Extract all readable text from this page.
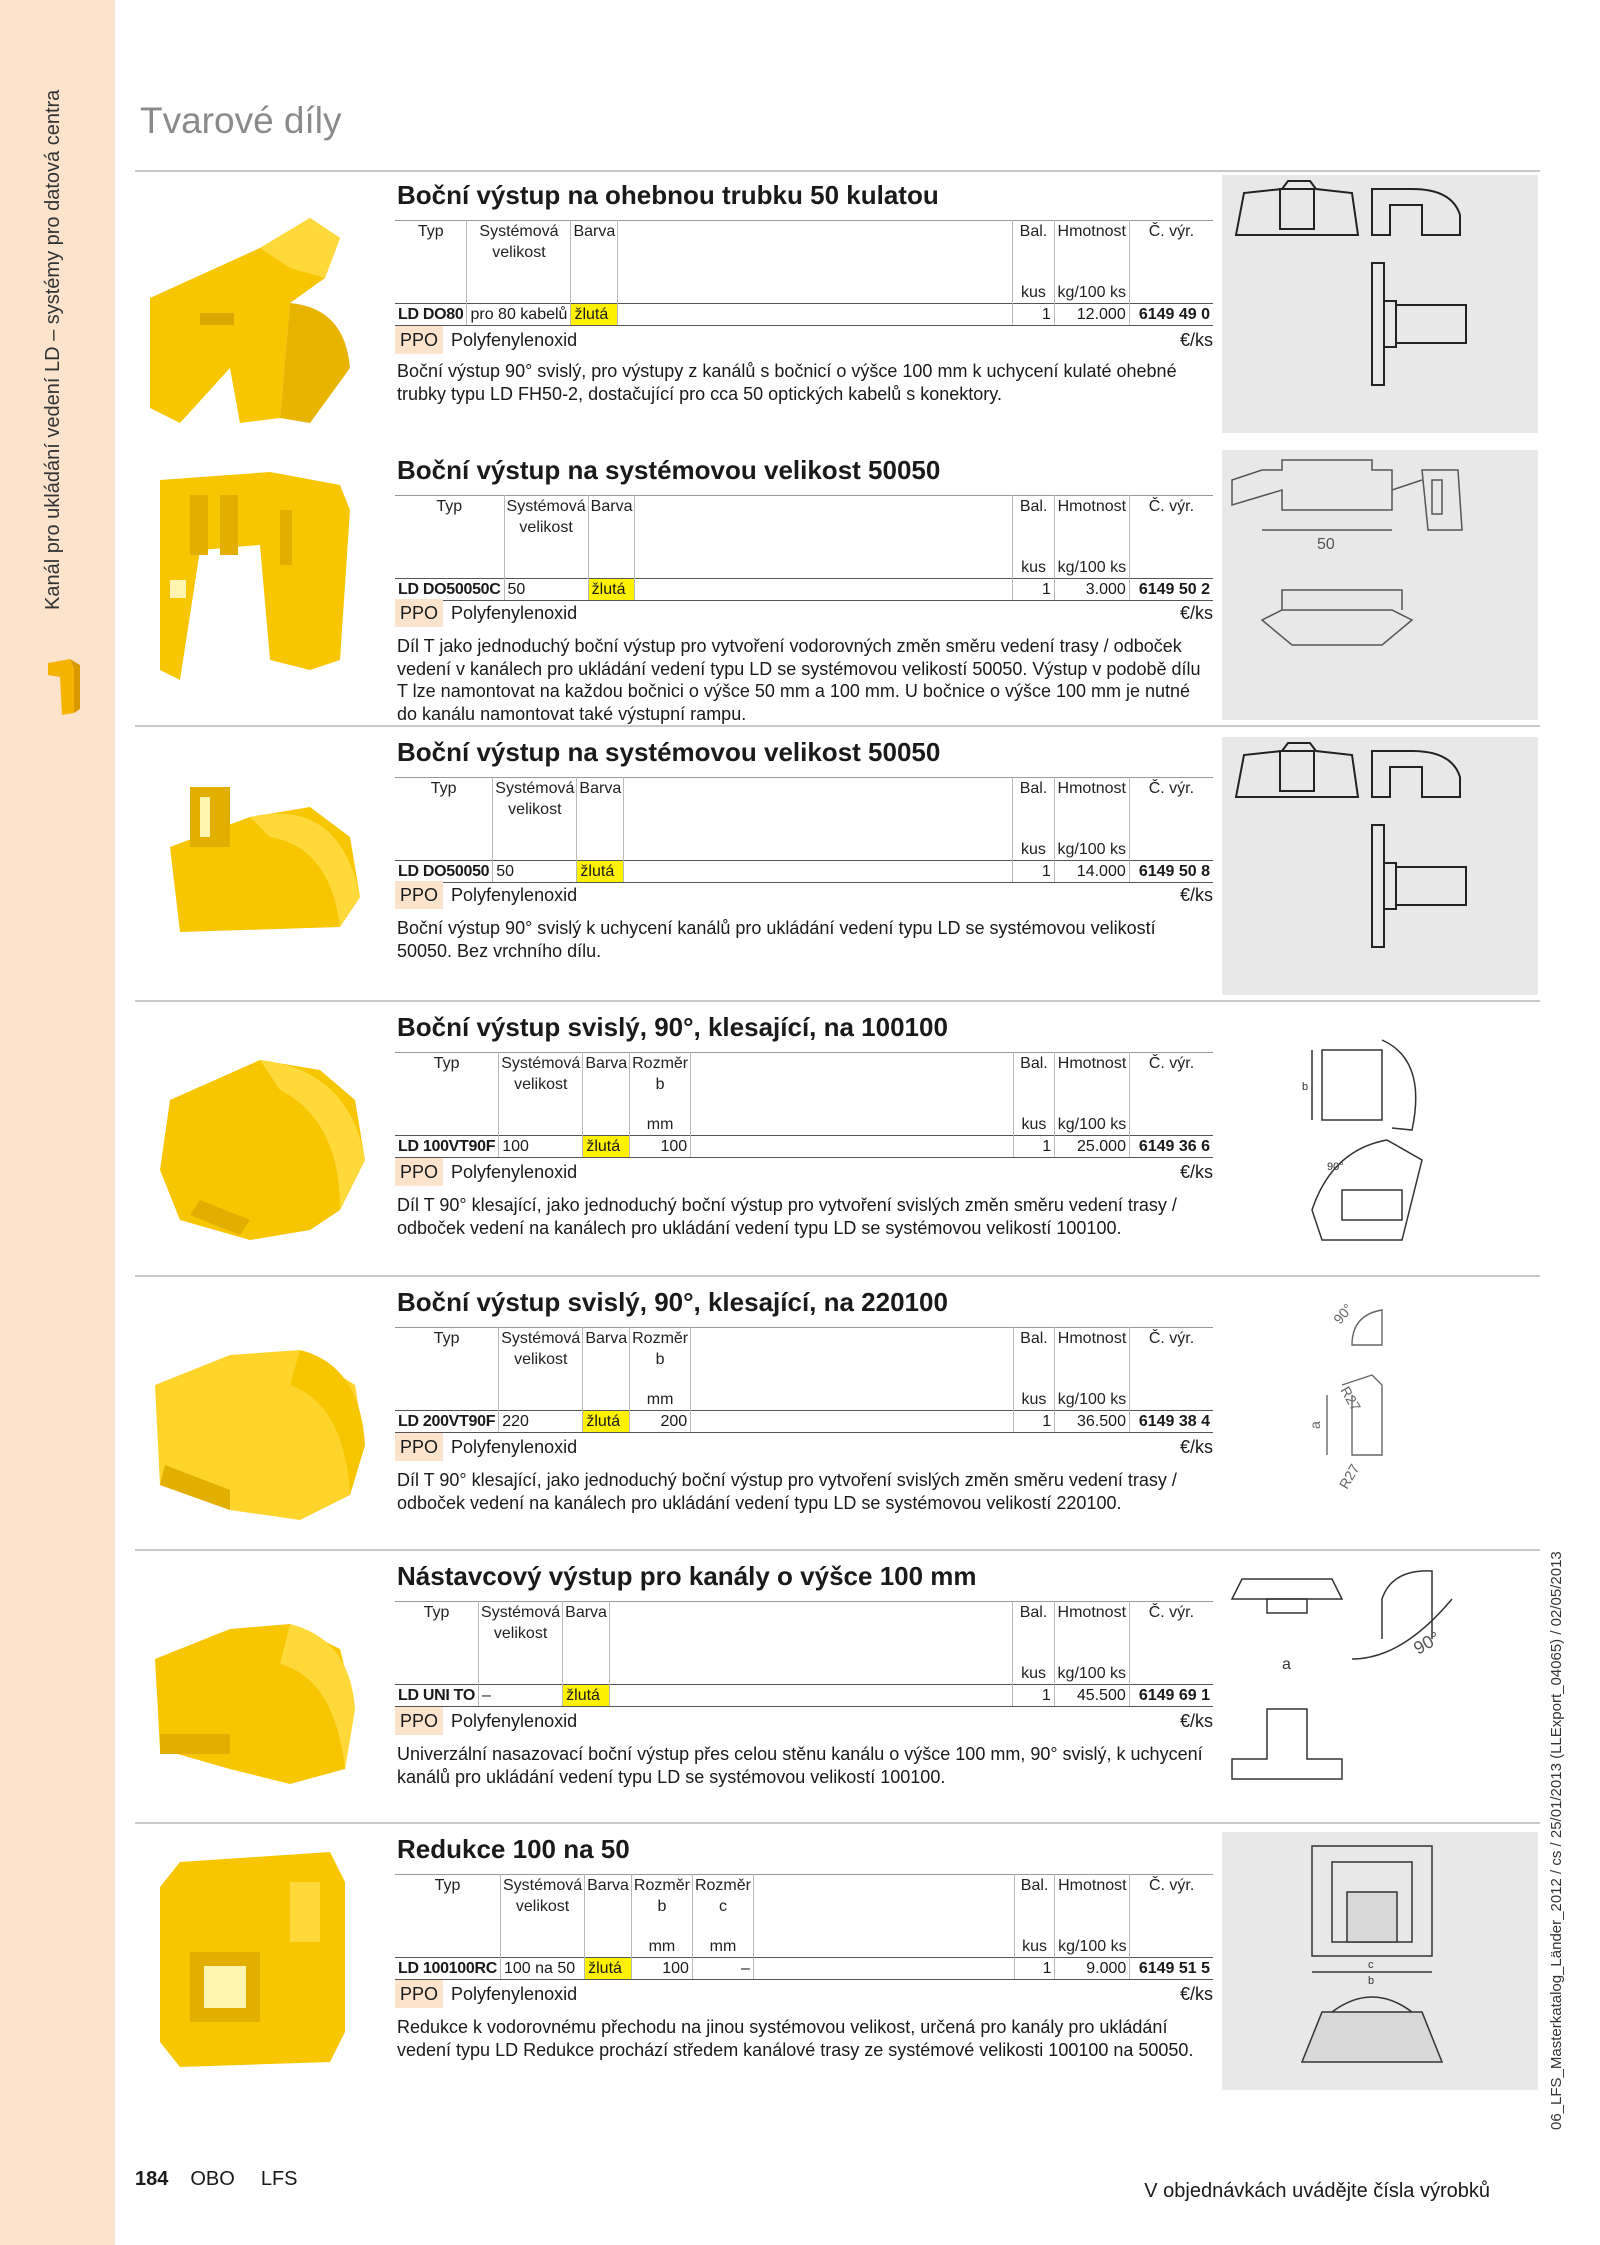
Kanál pro ukládání vedení LD – systémy pro datová centra	Tvarové díly
Boční výstup na ohebnou trubku 50 kulatou
Typ	Systémová velikost	Barva		Bal.	Hmotnost	Č. výr.
				kus	kg/100 ks	
LD DO80	pro 80 kabelů	žlutá		1	12.000	6149 49 0
PPO Polyfenylenoxid	€/ks
Boční výstup 90° svislý, pro výstupy z kanálů s bočnicí o výšce 100 mm k uchycení kulaté ohebné trubky typu LD FH50-2, dostačující pro cca 50 optických kabelů s konektory.
Boční výstup na systémovou velikost 50050
Typ	Systémová velikost	Barva		Bal.	Hmotnost	Č. výr.
				kus	kg/100 ks	
LD DO50050C	50	žlutá		1	3.000	6149 50 2
PPO Polyfenylenoxid	€/ks
Díl T jako jednoduchý boční výstup pro vytvoření vodorovných změn směru vedení trasy / odboček vedení v kanálech pro ukládání vedení typu LD se systémovou velikostí 50050. Výstup v podobě dílu T lze namontovat na každou bočnici o výšce 50 mm a 100 mm. U bočnice o výšce 100 mm je nutné do kanálu namontovat také výstupní rampu.
50
Boční výstup na systémovou velikost 50050
Typ	Systémová velikost	Barva		Bal.	Hmotnost	Č. výr.
				kus	kg/100 ks	
LD DO50050	50	žlutá		1	14.000	6149 50 8
PPO Polyfenylenoxid	€/ks
Boční výstup 90° svislý k uchycení kanálů pro ukládání vedení typu LD se systémovou velikostí 50050. Bez vrchního dílu.
Boční výstup svislý, 90°, klesající, na 100100
Typ	Systémová velikost	Barva	Rozměr b		Bal.	Hmotnost	Č. výr.
			mm		kus	kg/100 ks	
LD 100VT90F	100	žlutá	100		1	25.000	6149 36 6
PPO Polyfenylenoxid	€/ks
Díl T 90° klesající, jako jednoduchý boční výstup pro vytvoření svislých změn směru vedení trasy / odboček vedení na kanálech pro ukládání vedení typu LD se systémovou velikostí 100100.
b
90°
Boční výstup svislý, 90°, klesající, na 220100
Typ	Systémová velikost	Barva	Rozměr b		Bal.	Hmotnost	Č. výr.
			mm		kus	kg/100 ks	
LD 200VT90F	220	žlutá	200		1	36.500	6149 38 4
PPO Polyfenylenoxid	€/ks
Díl T 90° klesající, jako jednoduchý boční výstup pro vytvoření svislých změn směru vedení trasy / odboček vedení na kanálech pro ukládání vedení typu LD se systémovou velikostí 220100.
90°
R27
a
R27
Nástavcový výstup pro kanály o výšce 100 mm
Typ	Systémová velikost	Barva		Bal.	Hmotnost	Č. výr.
				kus	kg/100 ks	
LD UNI TO	–	žlutá		1	45.500	6149 69 1
PPO Polyfenylenoxid	€/ks
Univerzální nasazovací boční výstup přes celou stěnu kanálu o výšce 100 mm, 90° svislý, k uchycení kanálů pro ukládání vedení typu LD se systémovou velikostí 100100.
a
90°
Redukce 100 na 50
Typ	Systémová velikost	Barva	Rozměr b	Rozměr c		Bal.	Hmotnost	Č. výr.
			mm	mm		kus	kg/100 ks	
LD 100100RC	100 na 50	žlutá	100	–		1	9.000	6149 51 5
PPO Polyfenylenoxid	€/ks
Redukce k vodorovnému přechodu na jinou systémovou velikost, určená pro kanály pro ukládání vedení typu LD Redukce prochází středem kanálové trasy ze systémové velikosti 100100 na 50050.
c
b
184 OBO LFS
V objednávkách uvádějte čísla výrobků
06_LFS_Masterkatalog_Länder_2012 / cs / 25/01/2013 (LLExport_04065) / 02/05/2013
